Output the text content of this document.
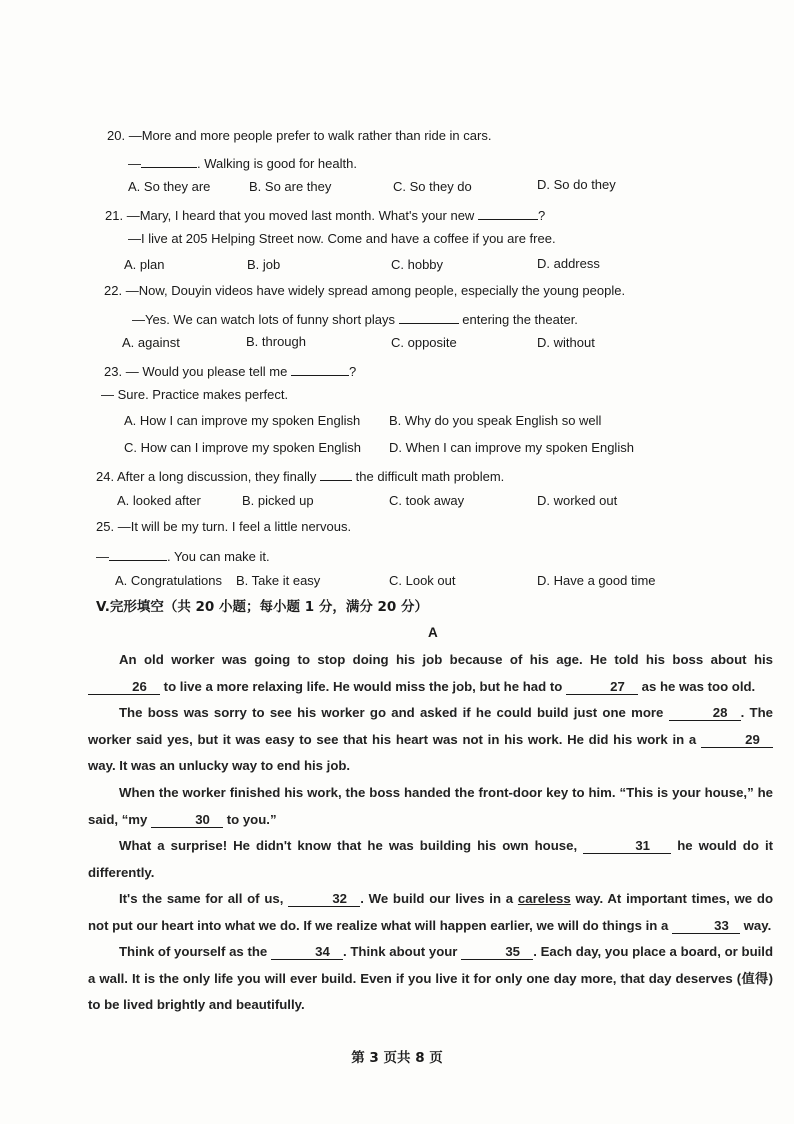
20. —More and more people prefer to walk rather than ride in cars.
—	. Walking is good for health.
A. So they are	B. So are they	C. So they do	D. So do they
21. —Mary, I heard that you moved last month. What's your new	?
—I live at 205 Helping Street now. Come and have a coffee if you are free.
A. plan	B. job	C. hobby	D. address
22. —Now, Douyin videos have widely spread among people, especially the young people.
—Yes. We can watch lots of funny short plays	entering the theater.
A. against	B. through	C. opposite	D. without
23. — Would you please tell me	?
— Sure. Practice makes perfect.
A. How I can improve my spoken English B. Why do you speak English so well
C. How can I improve my spoken English D. When I can improve my spoken English
24. After a long discussion, they finally	the difficult math problem.
A. looked after	B. picked up	C. took away	D. worked out
25. —It will be my turn. I feel a little nervous.
—	. You can make it.
A. Congratulations B. Take it easy	C. Look out	D. Have a good time
V.完形填空（共 20 小题；每小题 1 分，满分 20 分）
A
An old worker was going to stop doing his job because of his age. He told his boss about his 26 to live a more relaxing life. He would miss the job, but he had to	27 as he was too old.
The boss was sorry to see his worker go and asked if he could build just one more	28 . The worker said yes, but it was easy to see that his heart was not in his work. He did his work in a	29 way. It was an unlucky way to end his job.
When the worker finished his work, the boss handed the front-door key to him. “This is your house,” he said, “my	30 to you.”
What a surprise! He didn't know that he was building his own house,	31 he would do it differently.
It's the same for all of us,	32 . We build our lives in a careless way. At important times, we do not put our heart into what we do. If we realize what will happen earlier, we will do things in a	33 way.
Think of yourself as the	34 . Think about your	35 . Each day, you place a board, or build a wall. It is the only life you will ever build. Even if you live it for only one day more, that day deserves (值得) to be lived brightly and beautifully.
第 3 页共 8 页
